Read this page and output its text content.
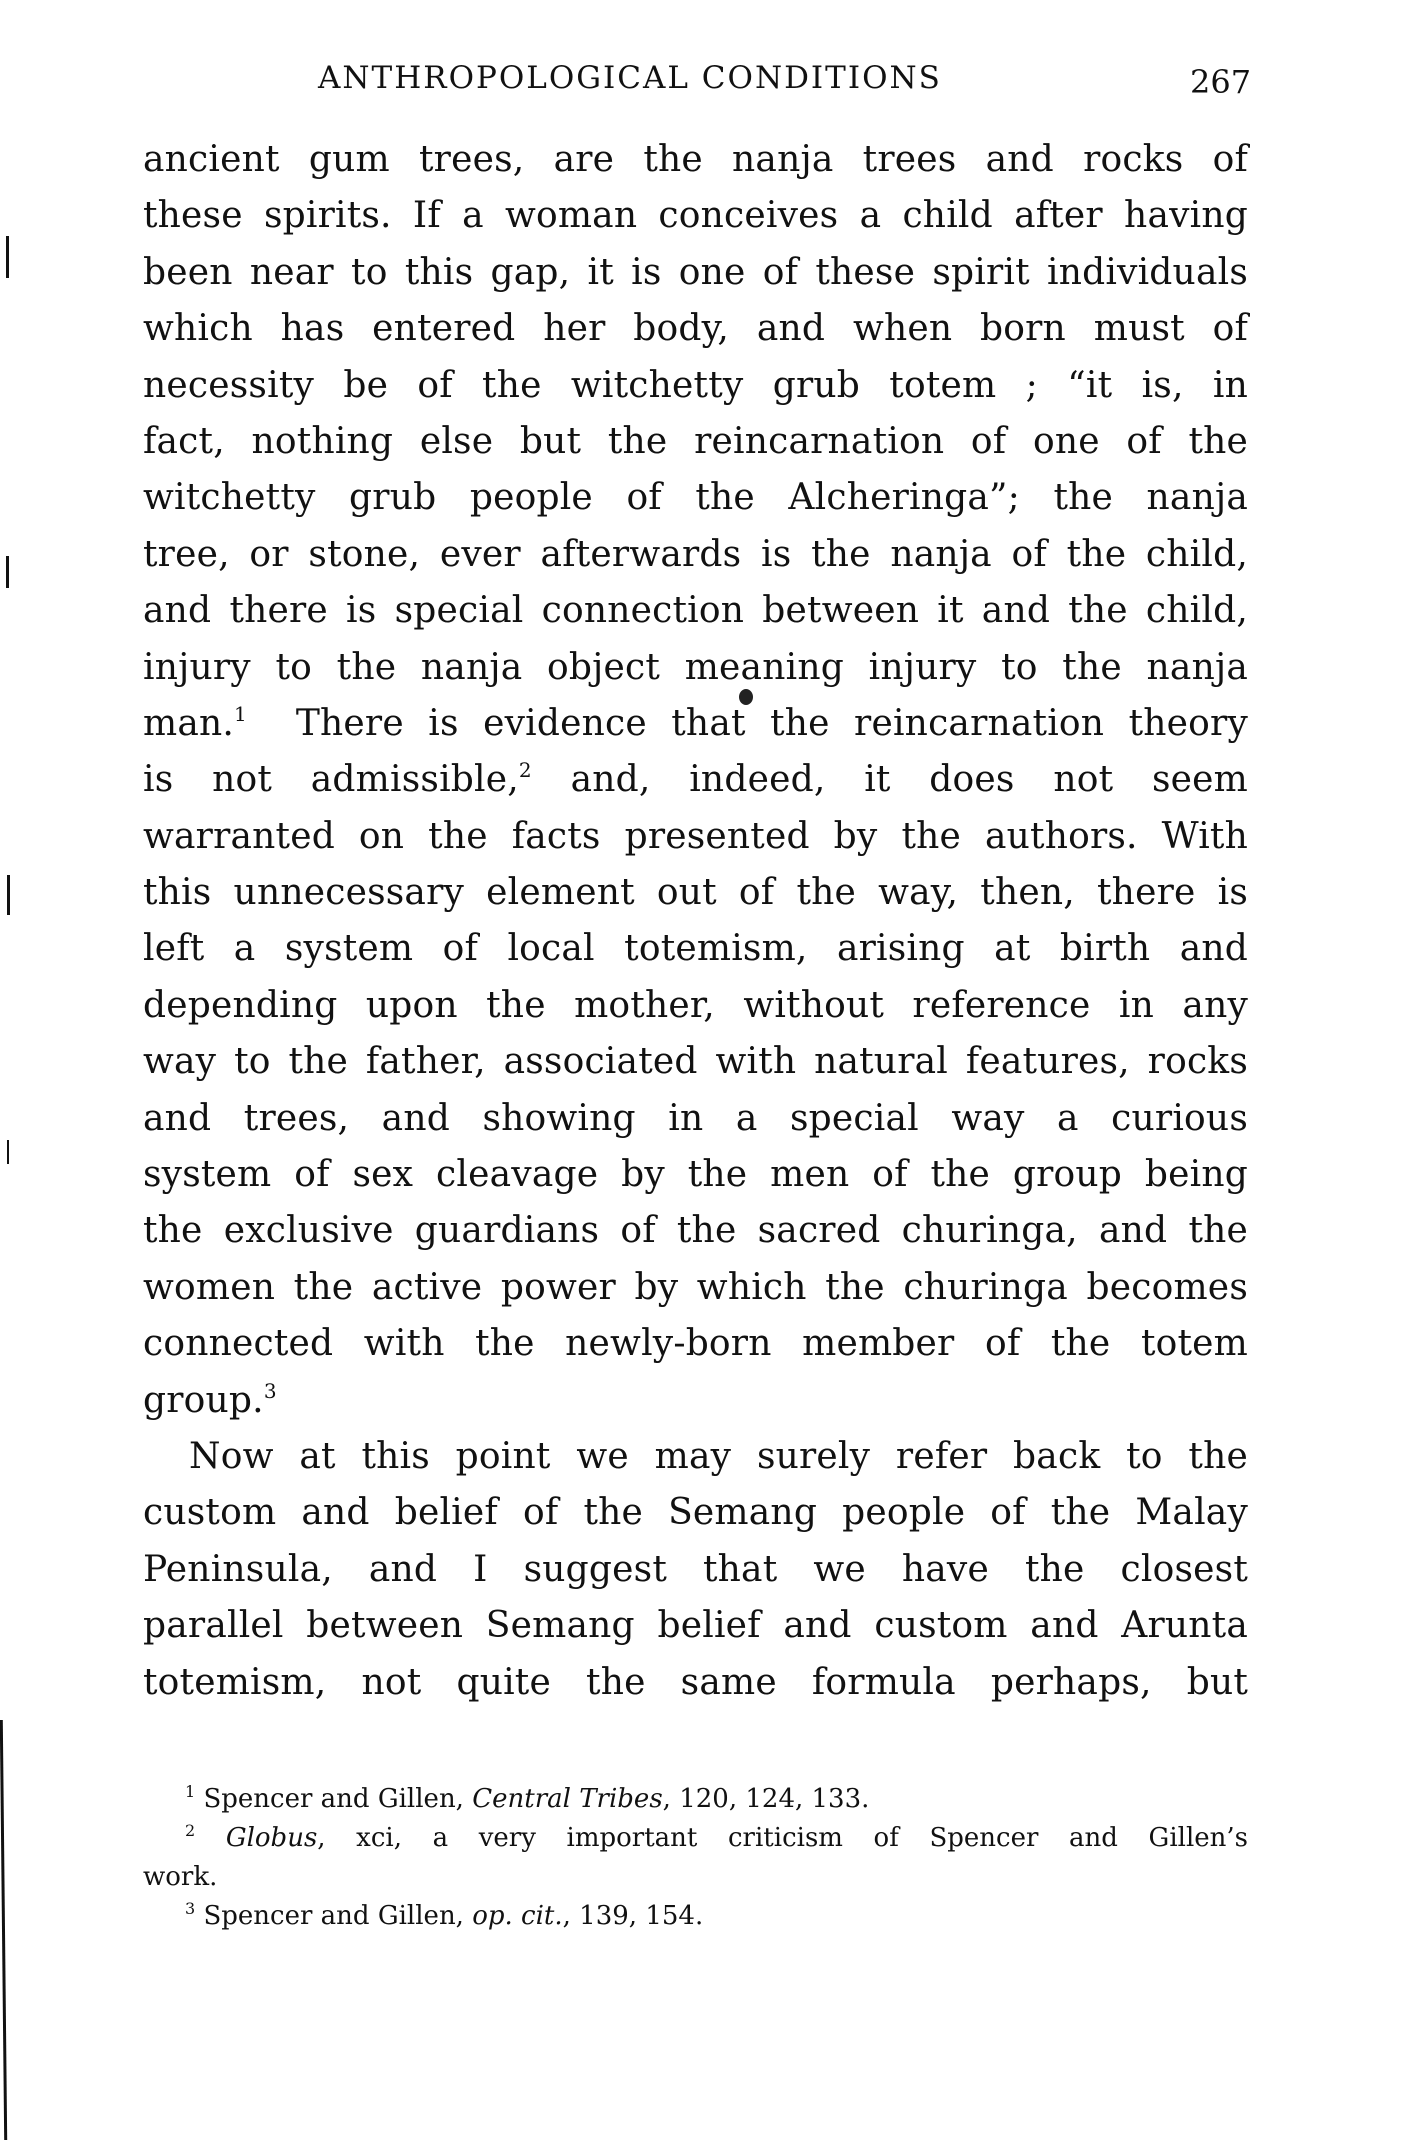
ANTHROPOLOGICAL CONDITIONS	267
ancient gum trees, are the nanja trees and rocks of
these spirits. If a woman conceives a child after having
been near to this gap, it is one of these spirit individuals
which has entered her body, and when born must of
necessity be of the witchetty grub totem ; “it is, in
fact, nothing else but the reincarnation of one of the
witchetty grub people of the Alcheringa”; the nanja
tree, or stone, ever afterwards is the nanja of the child,
and there is special connection between it and the child,
injury to the nanja object meaning injury to the nanja
man.$^1$ There is evidence that the reincarnation theory
is not admissible,$^2$ and, indeed, it does not seem
warranted on the facts presented by the authors. With
this unnecessary element out of the way, then, there is
left a system of local totemism, arising at birth and
depending upon the mother, without reference in any
way to the father, associated with natural features, rocks
and trees, and showing in a special way a curious
system of sex cleavage by the men of the group being
the exclusive guardians of the sacred churinga, and the
women the active power by which the churinga becomes
connected with the newly-born member of the totem
group.$^3$
Now at this point we may surely refer back to the
custom and belief of the Semang people of the Malay
Peninsula, and I suggest that we have the closest
parallel between Semang belief and custom and Arunta
totemism, not quite the same formula perhaps, but
$^1$ Spencer and Gillen, Central Tribes, 120, 124, 133.
$^2$ Globus, xci, a very important criticism of Spencer and Gillen’s
work.
$^3$ Spencer and Gillen, op. cit., 139, 154.
